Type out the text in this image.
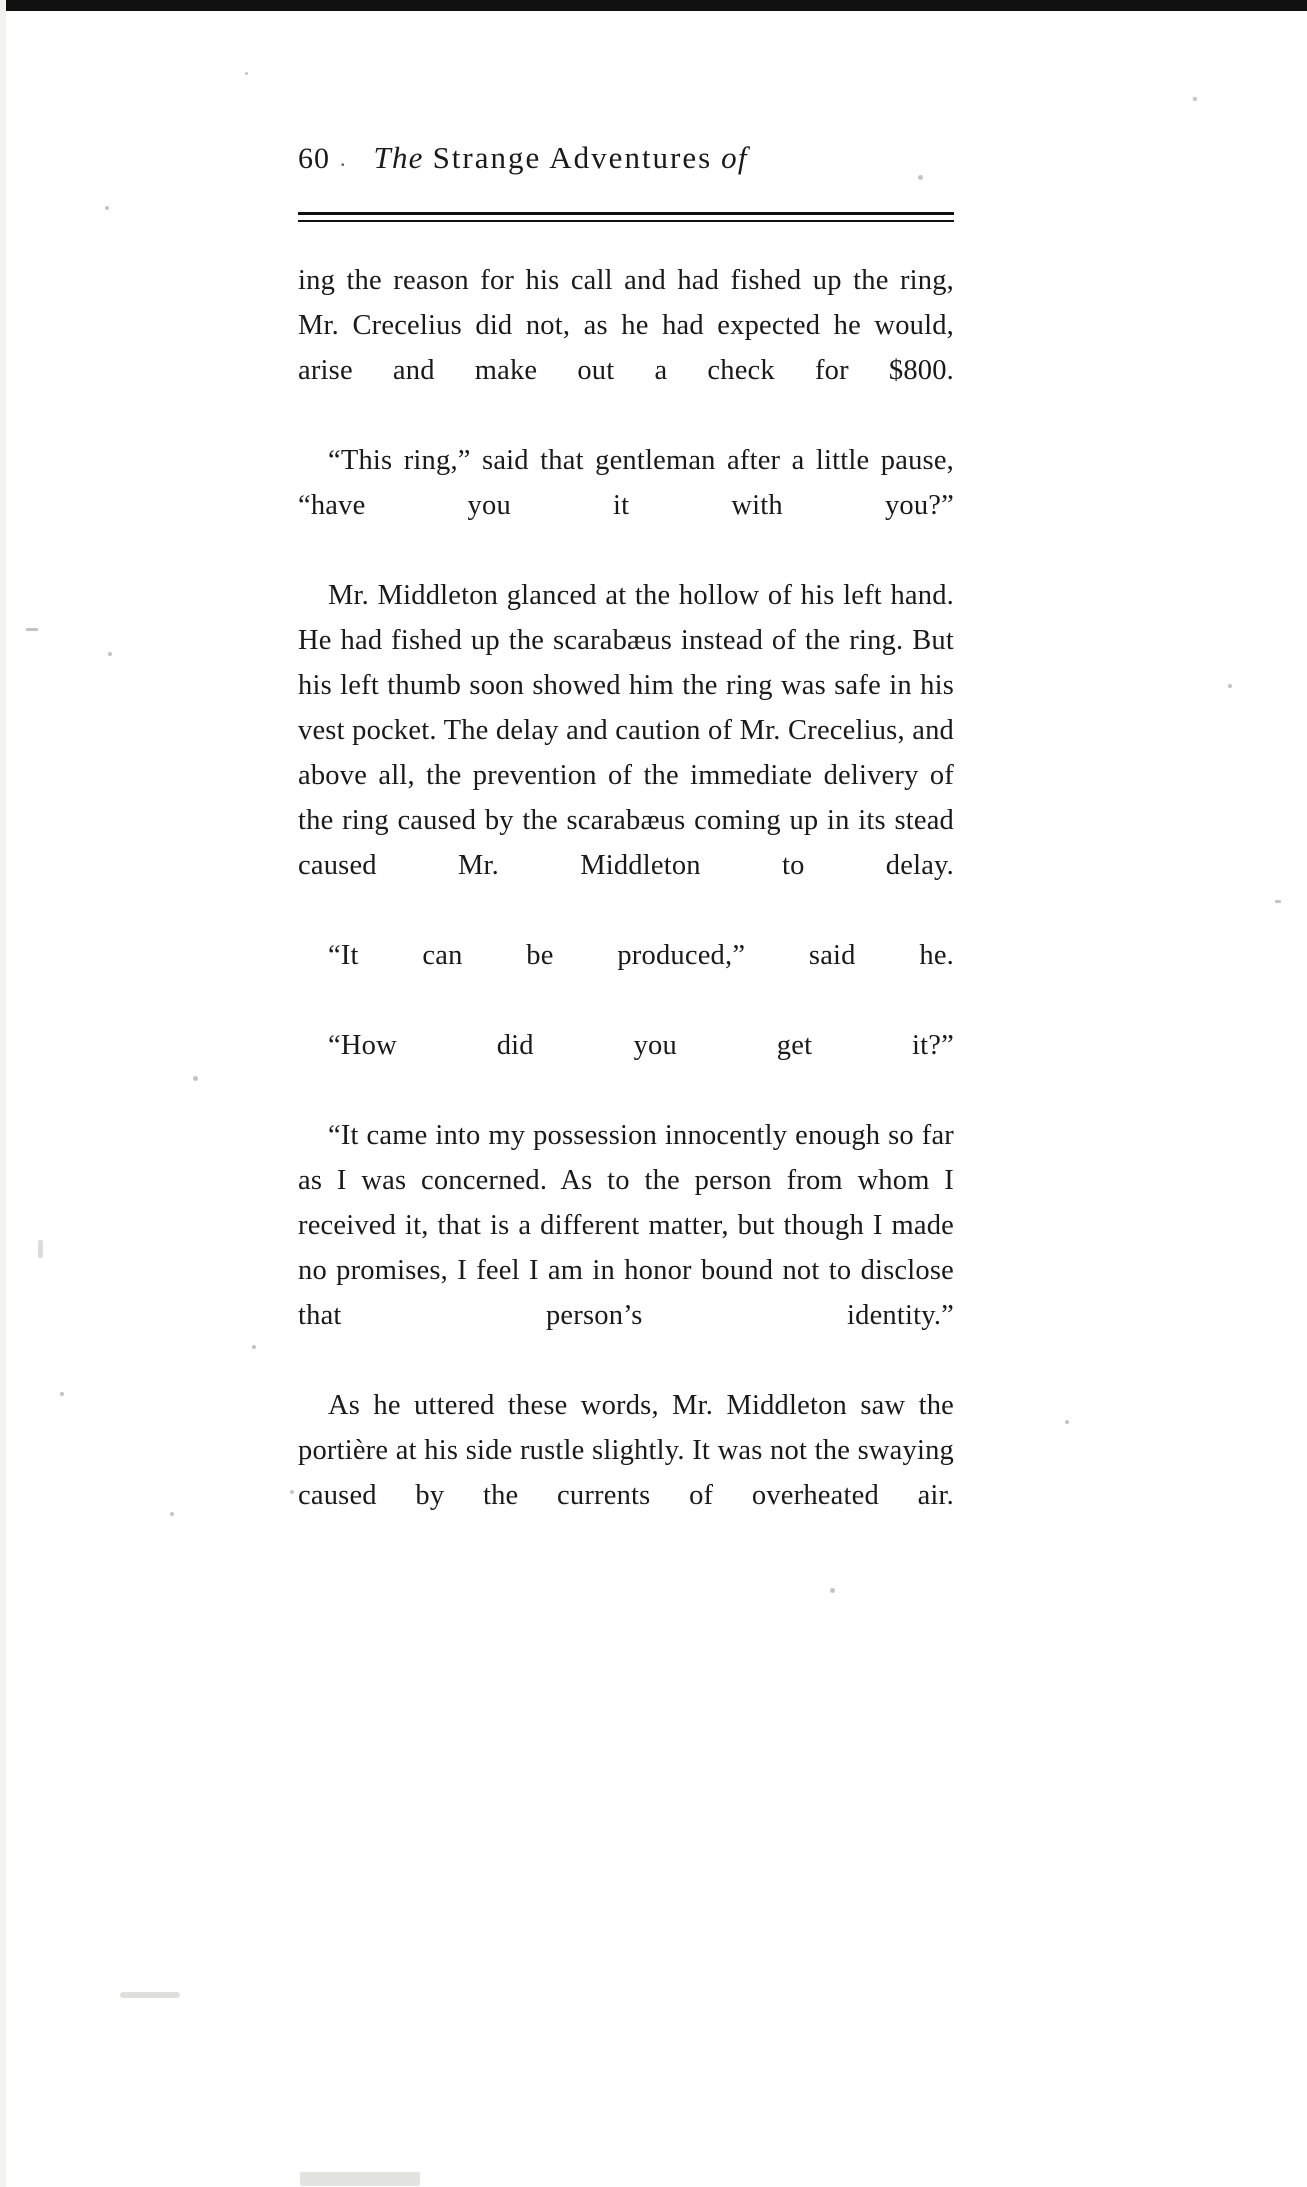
60 . The Strange Adventures of

ing the reason for his call and had fished up the ring, Mr. Crecelius did not, as he had expected he would, arise and make out a check for $800.

“This ring,” said that gentleman after a little pause, “have you it with you?”

Mr. Middleton glanced at the hollow of his left hand. He had fished up the scarabæus instead of the ring. But his left thumb soon showed him the ring was safe in his vest pocket. The delay and caution of Mr. Crecelius, and above all, the prevention of the immediate delivery of the ring caused by the scarabæus coming up in its stead caused Mr. Middleton to delay.

“It can be produced,” said he.

“How did you get it?”

“It came into my possession innocently enough so far as I was concerned. As to the person from whom I received it, that is a different matter, but though I made no promises, I feel I am in honor bound not to disclose that person’s identity.”

As he uttered these words, Mr. Middleton saw the portière at his side rustle slightly. It was not the swaying caused by the currents of overheated air.
